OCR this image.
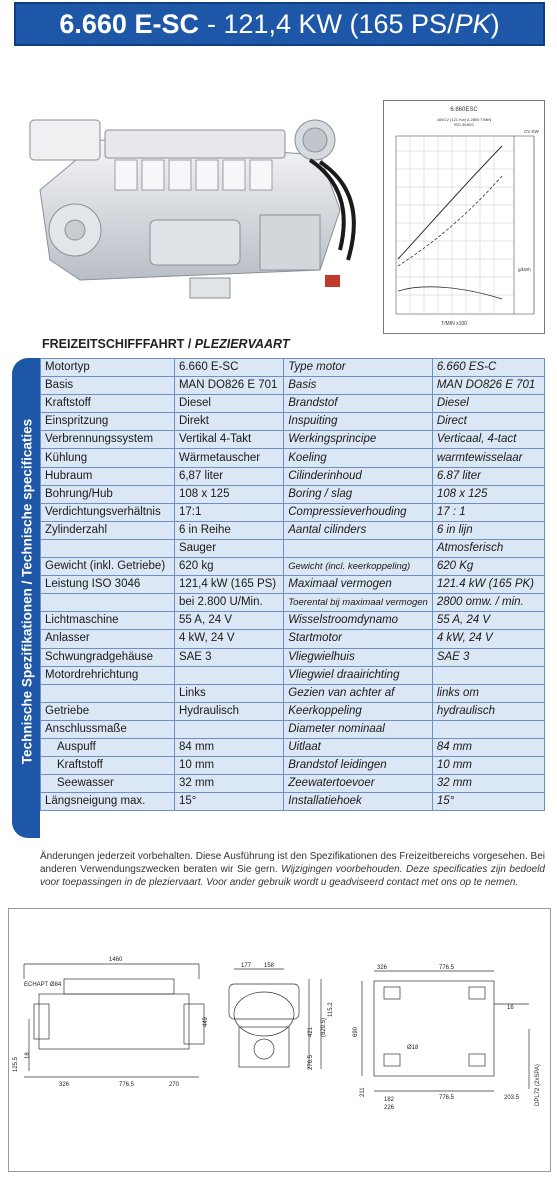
6.660 E-SC - 121,4 KW (165 PS/PK)
6.660ESC
165CV (121 Kw) A 2800 T/MIN
ISO 3046/1
CV KW
g/kWh
T/MIN x100
FREIZEITSCHIFFFAHRT / PLEZIERVAART
Technische Spezifikationen / Technische specificaties
Motortyp	6.660 E-SC	Type motor	6.660 ES-C
Basis	MAN DO826 E 701	Basis	MAN DO826 E 701
Kraftstoff	Diesel	Brandstof	Diesel
Einspritzung	Direkt	Inspuiting	Direct
Verbrennungssystem	Vertikal 4-Takt	Werkingsprincipe	Verticaal, 4-tact
Kühlung	Wärmetauscher	Koeling	warmtewisselaar
Hubraum	6,87 liter	Cilinderinhoud	6.87 liter
Bohrung/Hub	108 x 125	Boring / slag	108 x 125
Verdichtungsverhältnis	17:1	Compressieverhouding	17 : 1
Zylinderzahl	6 in Reihe	Aantal cilinders	6 in lijn
	Sauger		Atmosferisch
Gewicht (inkl. Getriebe)	620 kg	Gewicht (incl. keerkoppeling)	620 Kg
Leistung ISO 3046	121,4 kW (165 PS)	Maximaal vermogen	121.4 kW (165 PK)
	bei 2.800 U/Min.	Toerental bij maximaal vermogen	2800 omw. / min.
Lichtmaschine	55 A, 24 V	Wisselstroomdynamo	55 A, 24 V
Anlasser	4 kW, 24 V	Startmotor	4 kW, 24 V
Schwungradgehäuse	SAE 3	Vliegwielhuis	SAE 3
Motordrehrichtung		Vliegwiel draairichting	
	Links	Gezien van achter af	links om
Getriebe	Hydraulisch	Keerkoppeling	hydraulisch
Anschlussmaße		Diameter nominaal	
Auspuff	84 mm	Uitlaat	84 mm
Kraftstoff	10 mm	Brandstof leidingen	10 mm
Seewasser	32 mm	Zeewatertoevoer	32 mm
Längsneigung max.	15°	Installatiehoek	15°
Änderungen jederzeit vorbehalten. Diese Ausführung ist den Spezifikationen des Freizeitbereichs vorgesehen. Bei anderen Verwendungszwecken beraten wir Sie gern. Wijzigingen voorbehouden. Deze specificaties zijn bedoeld voor toepassingen in de pleziervaart. Voor ander gebruik wordt u geadviseerd contact met ons op te nemen.
ECHAPT Ø84
1460
326	776.5	270
125.5
18
177 158
449
421 (829.5)
276.5
115.2
326	776.5
16
690
Ø18
182
226
776.5	203.5
211	DPL72 (2xSPA)
